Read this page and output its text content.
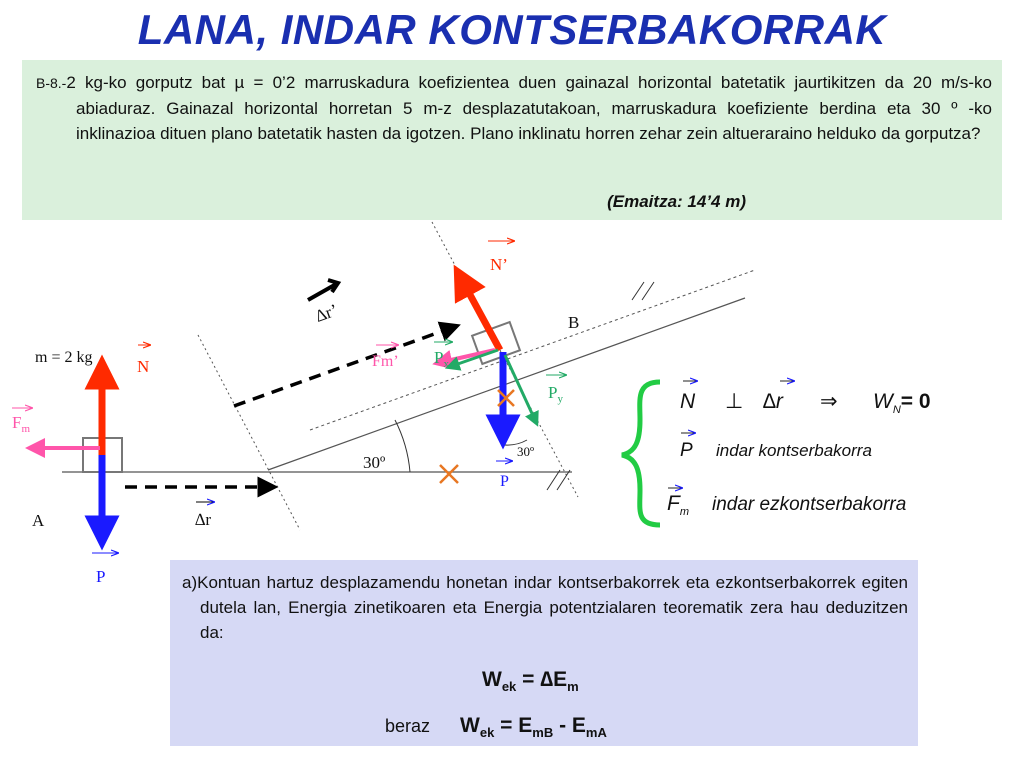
LANA, INDAR KONTSERBAKORRAK
B-8.-2 kg-ko gorputz bat µ = 0’2 marruskadura koefizientea duen gainazal horizontal batetatik jaurtikitzen da 20 m/s-ko abiaduraz. Gainazal horizontal horretan 5 m-z desplazatutakoan, marruskadura koefiziente berdina eta 30 º -ko inklinazioa dituen plano batetatik hasten da igotzen. Plano inklinatu horren zehar zein altueraraino helduko da gorputza?
(Emaitza: 14’4 m)
m = 2 kg
A
B
N
N’
$F_m$
Fm’ $P_x$
$P_y$
P
P
∆r
∆r’
30º
30º
N ⊥ ∆r ⇒ $W_N= 0$
P indar kontserbakorra
$F_m$ indar ezkontserbakorra
a)Kontuan hartuz desplazamendu honetan indar kontserbakorrek eta ezkontserbakorrek egiten dutela lan, Energia zinetikoaren eta Energia potentzialaren teorematik zera hau deduzitzen da:
$W_{ek} = \Delta E_m$
beraz $W_{ek} = E_{mB} - E_{mA}$
